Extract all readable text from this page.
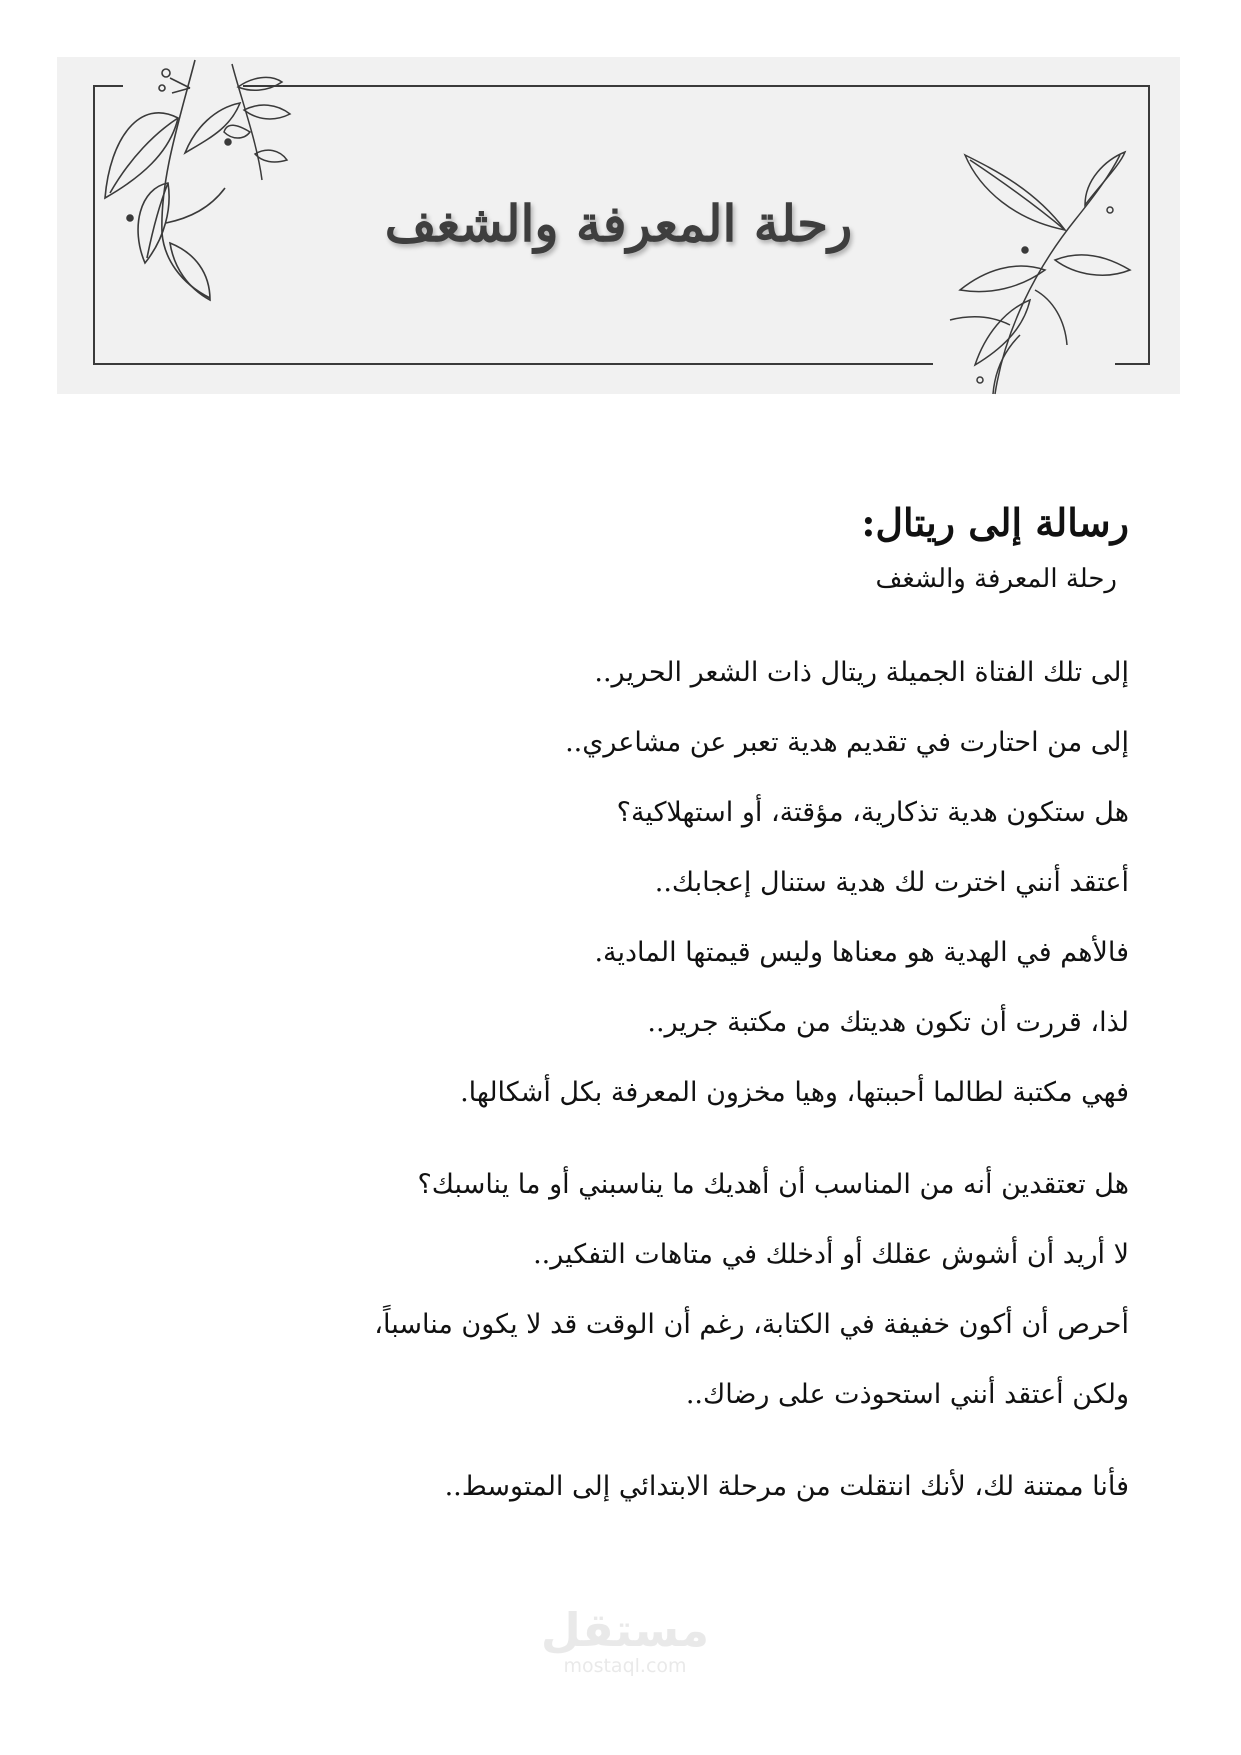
رحلة المعرفة والشغف
رسالة إلى ريتال:

رحلة المعرفة والشغف

إلى تلك الفتاة الجميلة ريتال ذات الشعر الحرير..
إلى من احتارت في تقديم هدية تعبر عن مشاعري..
هل ستكون هدية تذكارية، مؤقتة، أو استهلاكية؟
أعتقد أنني اخترت لك هدية ستنال إعجابك..
فالأهم في الهدية هو معناها وليس قيمتها المادية.
لذا، قررت أن تكون هديتك من مكتبة جرير..
فهي مكتبة لطالما أحببتها، وهيا مخزون المعرفة بكل أشكالها.
هل تعتقدين أنه من المناسب أن أهديك ما يناسبني أو ما يناسبك؟
لا أريد أن أشوش عقلك أو أدخلك في متاهات التفكير..
أحرص أن أكون خفيفة في الكتابة، رغم أن الوقت قد لا يكون مناسباً،
ولكن أعتقد أنني استحوذت على رضاك..
فأنا ممتنة لك، لأنك انتقلت من مرحلة الابتدائي إلى المتوسط..
مستقل
mostaql.com
